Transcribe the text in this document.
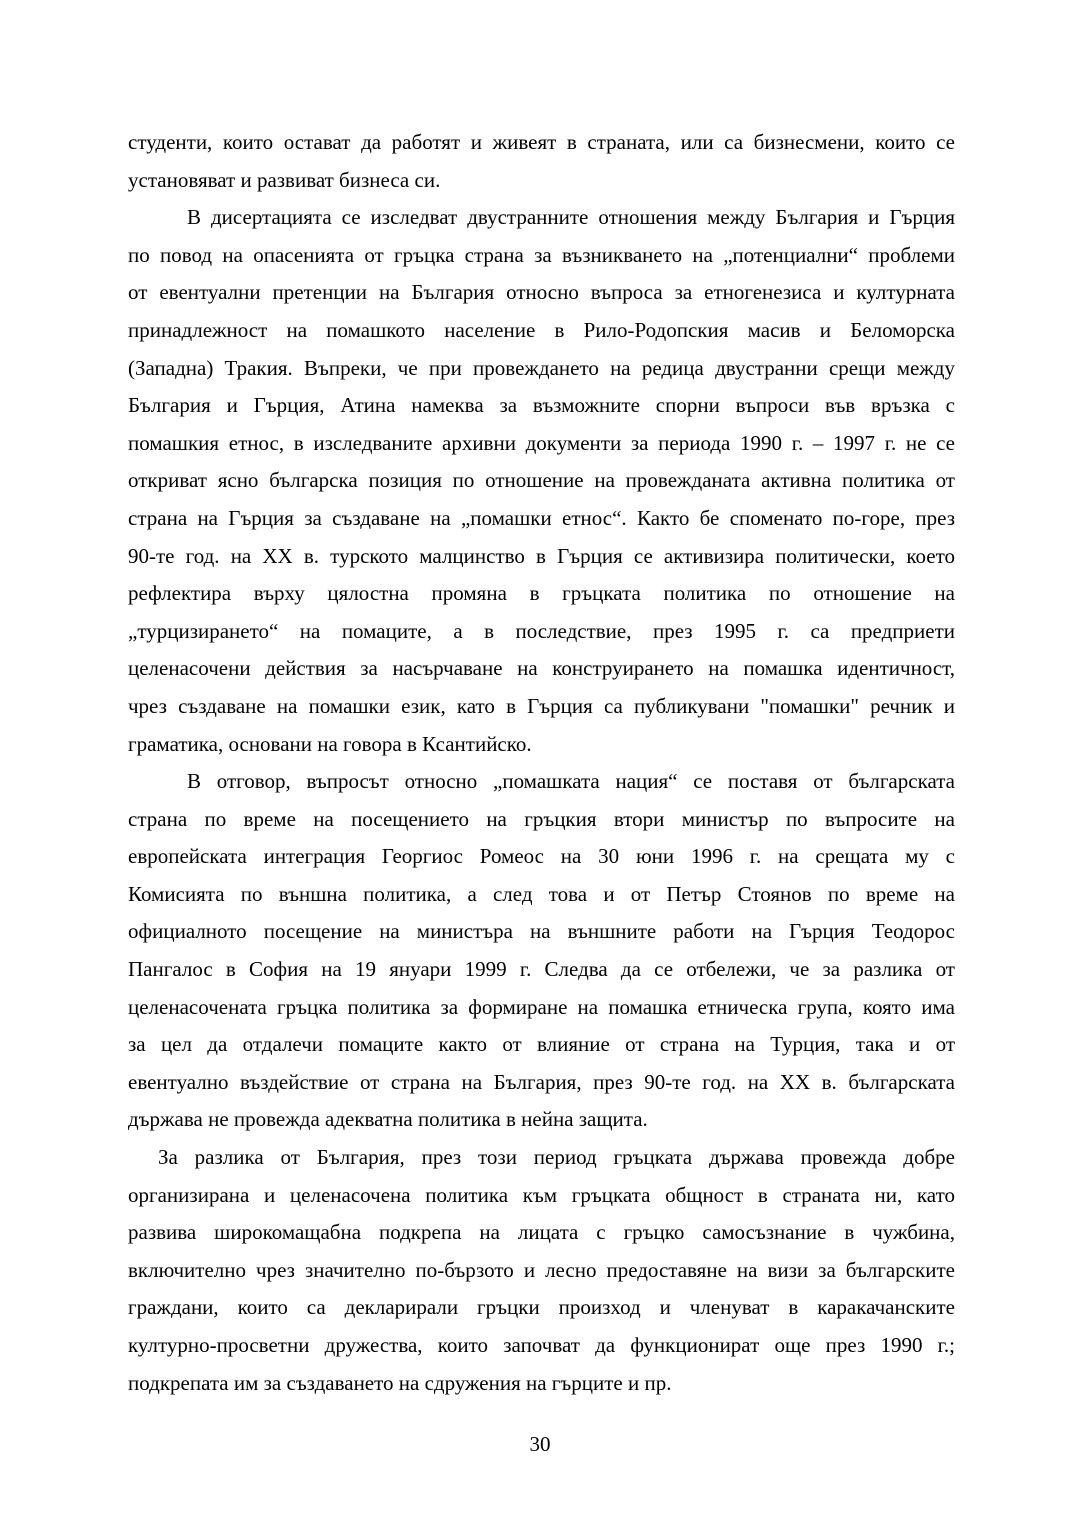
студенти, които остават да работят и живеят в страната, или са бизнесмени, които се
установяват и развиват бизнеса си.
В дисертацията се изследват двустранните отношения между България и Гърция
по повод на опасенията от гръцка страна за възникването на „потенциални“ проблеми
от евентуални претенции на България относно въпроса за етногенезиса и културната
принадлежност на помашкото население в Рило-Родопския масив и Беломорска
(Западна) Тракия. Въпреки, че при провеждането на редица двустранни срещи между
България и Гърция, Атина намеква за възможните спорни въпроси във връзка с
помашкия етнос, в изследваните архивни документи за периода 1990 г. – 1997 г. не се
откриват ясно българска позиция по отношение на провежданата активна политика от
страна на Гърция за създаване на „помашки етнос“. Както бе споменато по-горе, през
90-те год. на ХХ в. турското малцинство в Гърция се активизира политически, което
рефлектира върху цялостна промяна в гръцката политика по отношение на
„турцизирането“ на помаците, а в последствие, през 1995 г. са предприети
целенасочени действия за насърчаване на конструирането на помашка идентичност,
чрез създаване на помашки език, като в Гърция са публикувани "помашки" речник и
граматика, основани на говора в Ксантийско.
В отговор, въпросът относно „помашката нация“ се поставя от българската
страна по време на посещението на гръцкия втори министър по въпросите на
европейската интеграция Георгиос Ромеос на 30 юни 1996 г. на срещата му с
Комисията по външна политика, а след това и от Петър Стоянов по време на
официалното посещение на министъра на външните работи на Гърция Теодорос
Пангалос в София на 19 януари 1999 г. Следва да се отбележи, че за разлика от
целенасочената гръцка политика за формиране на помашка етническа група, която има
за цел да отдалечи помаците както от влияние от страна на Турция, така и от
евентуално въздействие от страна на България, през 90-те год. на ХХ в. българската
държава не провежда адекватна политика в нейна защита.
За разлика от България, през този период гръцката държава провежда добре
организирана и целенасочена политика към гръцката общност в страната ни, като
развива широкомащабна подкрепа на лицата с гръцко самосъзнание в чужбина,
включително чрез значително по-бързото и лесно предоставяне на визи за българските
граждани, които са декларирали гръцки произход и членуват в каракачанските
културно-просветни дружества, които започват да функционират още през 1990 г.;
подкрепата им за създаването на сдружения на гърците и пр.
30
